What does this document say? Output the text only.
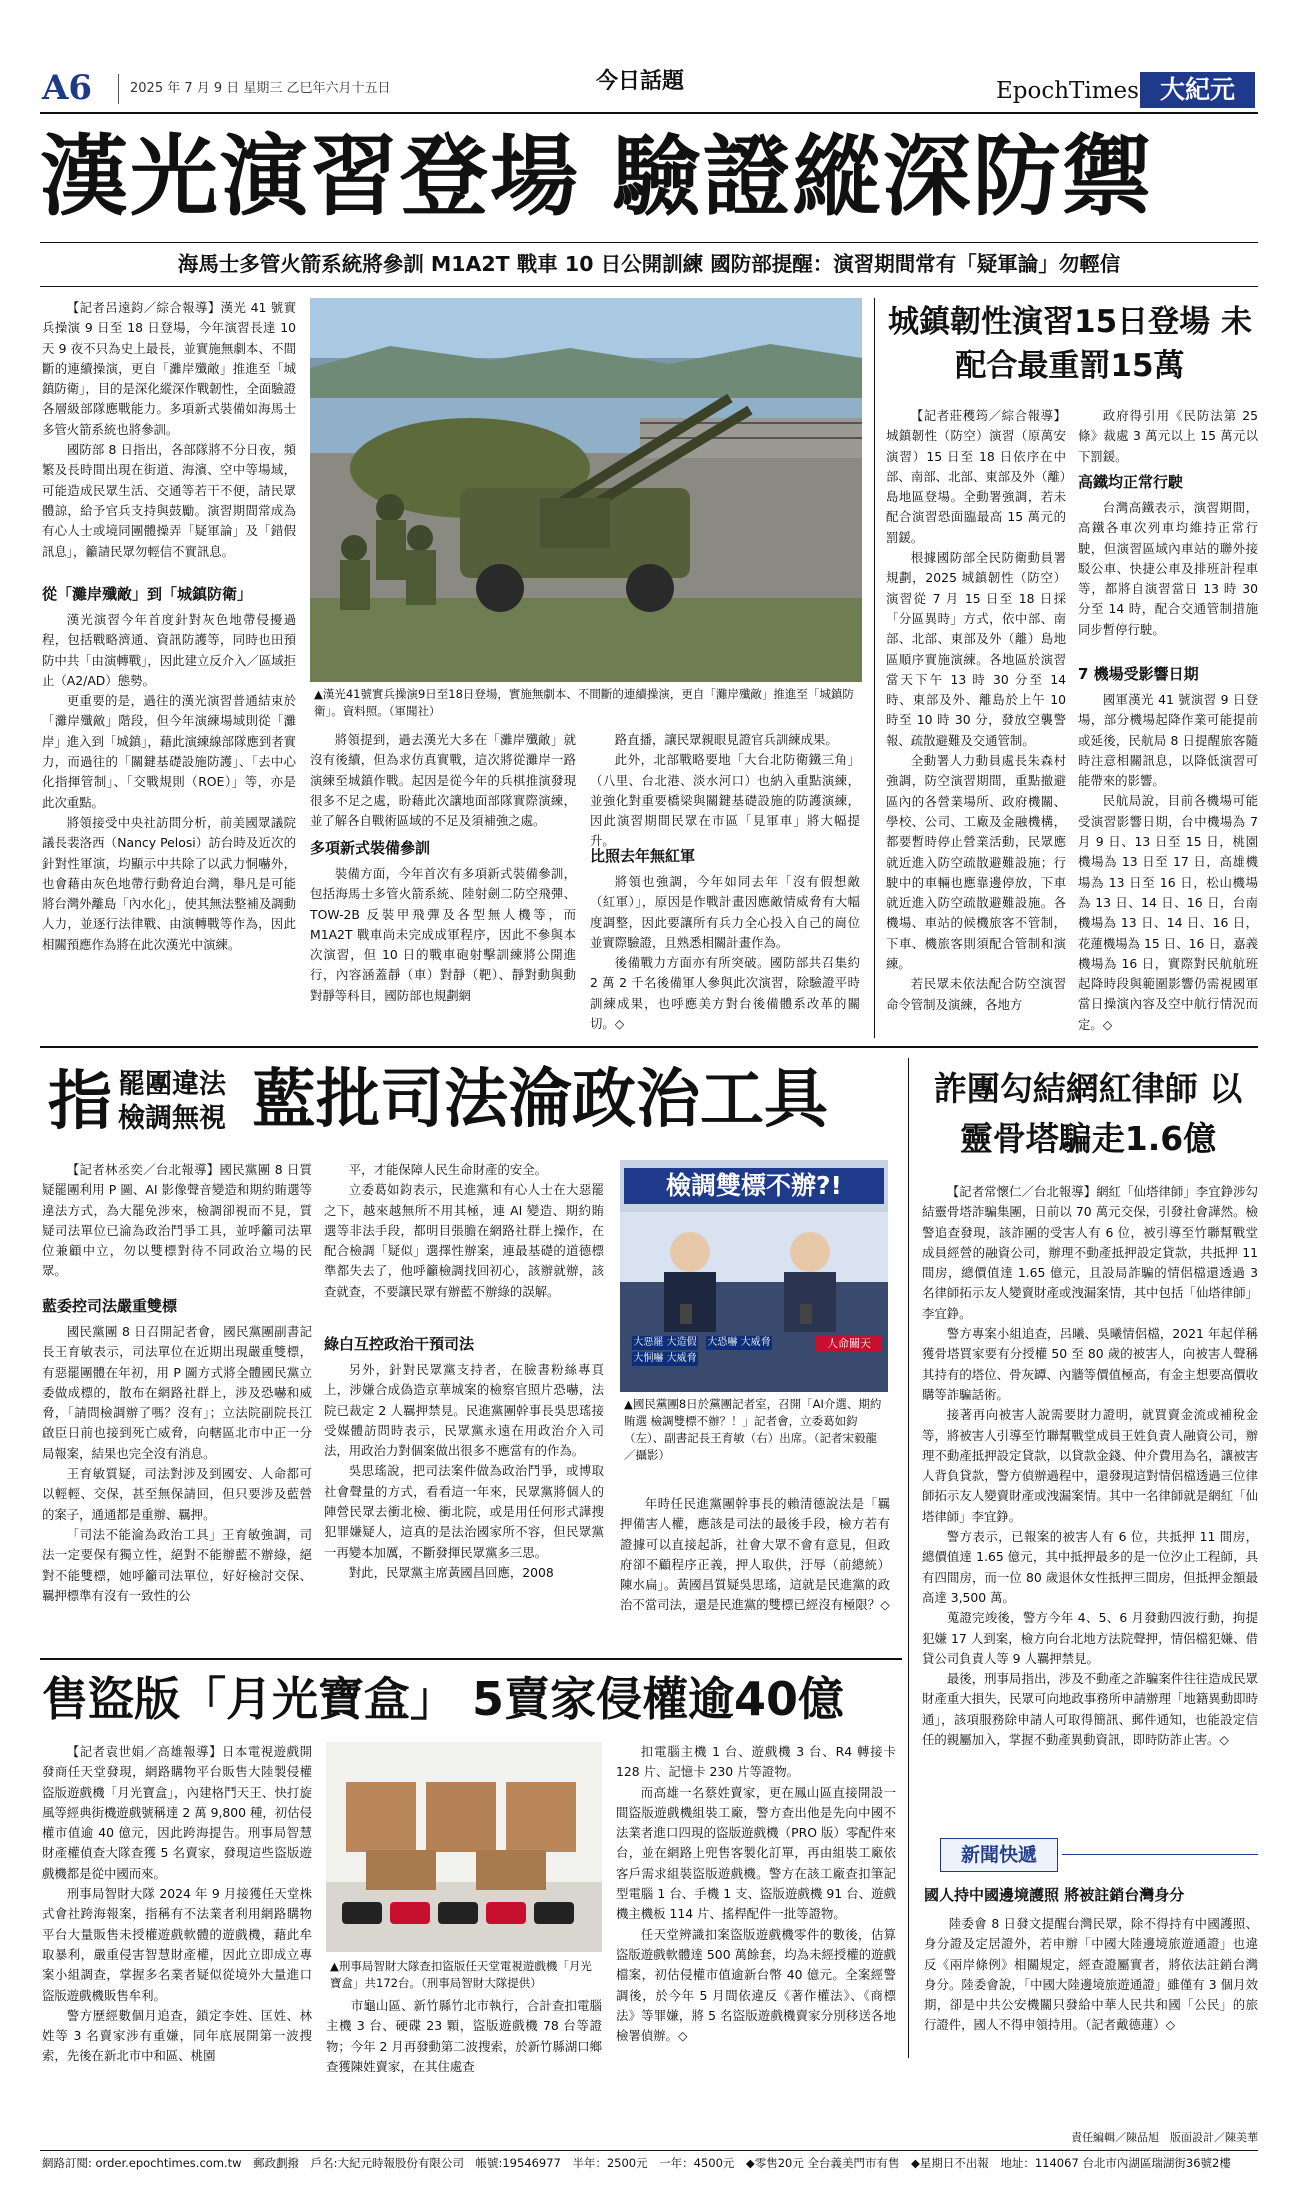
A6	2025 年 7 月 9 日 星期三 乙巳年六月十五日	今日話題	EpochTimes 大紀元
漢光演習登場 驗證縱深防禦
海馬士多管火箭系統將參訓 M1A2T 戰車 10 日公開訓練 國防部提醒：演習期間常有「疑軍論」勿輕信

【記者呂遠鈞／綜合報導】漢光 41 號實兵操演 9 日至 18 日登場，今年演習長達 10 天 9 夜不只為史上最長，並實施無劇本、不間斷的連續操演，更自「灘岸殲敵」推進至「城鎮防衛」，目的是深化縱深作戰韌性，全面驗證各層級部隊應戰能力。多項新式裝備如海馬士多管火箭系統也將參訓。

國防部 8 日指出，各部隊將不分日夜，頻繁及長時間出現在街道、海濱、空中等場域，可能造成民眾生活、交通等若干不便，請民眾體諒，給予官兵支持與鼓勵。演習期間常成為有心人士或境同團體操弄「疑軍論」及「錯假訊息」，籲請民眾勿輕信不實訊息。

從「灘岸殲敵」到「城鎮防衛」

漢光演習今年首度針對灰色地帶侵擾過程，包括戰略濟通、資訊防護等，同時也田預防中共「由演轉戰」，因此建立反介入／區域拒止（A2/AD）態勢。

更重要的是，過往的漢光演習普通結束於「灘岸殲敵」階段，但今年演練場域則從「灘岸」進入到「城鎮」，藉此演練線部隊應到者實力，而過往的「關鍵基礎設施防護」、「去中心化指揮管制」、「交戰規則（ROE）」等，亦是此次重點。

將領接受中央社訪問分析，前美國眾議院議長裴洛西（Nancy Pelosi）訪台時及近次的針對性軍演，均顯示中共除了以武力恫嚇外，也會藉由灰色地帶行動脅迫台灣，舉凡是可能將台灣外離島「內水化」，使其無法整補及調動人力，並逐行法律戰、由演轉戰等作為，因此相關預應作為將在此次漢光中演練。

▲漢光41號實兵操演9日至18日登場，實施無劇本、不間斷的連續操演，更自「灘岸殲敵」推進至「城鎮防衛」。資料照。（軍聞社）

將領提到，過去漢光大多在「灘岸殲敵」就沒有後續，但為求仿真實戰，這次將從灘岸一路演練至城鎮作戰。起因是從今年的兵棋推演發現很多不足之處，盼藉此次讓地面部隊實際演練，並了解各自戰術區域的不足及須補強之處。

多項新式裝備參訓

裝備方面，今年首次有多項新式裝備參訓，包括海馬士多管火箭系統、陸射劍二防空飛彈、TOW-2B 反裝甲飛彈及各型無人機等，而 M1A2T 戰車尚未完成成軍程序，因此不參與本次演習，但 10 日的戰車砲射擊訓練將公開進行，內容涵蓋靜（車）對靜（靶）、靜對動與動對靜等科目，國防部也規劃網

路直播，讓民眾親眼見證官兵訓練成果。

此外，北部戰略要地「大台北防衛鐵三角」（八里、台北港、淡水河口）也納入重點演練，並強化對重要橋梁與關鍵基礎設施的防護演練，因此演習期間民眾在市區「見軍車」將大幅提升。

比照去年無紅軍

將領也強調，今年如同去年「沒有假想敵（紅軍）」，原因是作戰計畫因應敵情威脅有大幅度調整，因此要讓所有兵力全心投入自己的崗位並實際驗證，且熟悉相關計畫作為。

後備戰力方面亦有所突破。國防部共召集約 2 萬 2 千名後備軍人參與此次演習，除驗證平時訓練成果，也呼應美方對台後備體系改革的關切。◇

城鎮韌性演習15日登場 未配合最重罰15萬

【記者莊穫筠／綜合報導】城鎮韌性（防空）演習（原萬安演習）15 日至 18 日依序在中部、南部、北部、東部及外（離）島地區登場。全動署強調，若未配合演習恐面臨最高 15 萬元的罰鍰。

根據國防部全民防衛動員署規劃，2025 城鎮韌性（防空）演習從 7 月 15 日至 18 日採「分區異時」方式，依中部、南部、北部、東部及外（離）島地區順序實施演練。各地區於演習當天下午 13 時 30 分至 14 時、東部及外、離島於上午 10 時至 10 時 30 分，發放空襲警報、疏散避難及交通管制。

全動署人力動員處長朱森村強調，防空演習期間，重點撤避區內的各營業場所、政府機關、學校、公司、工廠及金融機構，都要暫時停止營業活動，民眾應就近進入防空疏散避難設施；行駛中的車輛也應靠邊停放，下車就近進入防空疏散避難設施。各機場、車站的候機旅客不管制，下車、機旅客則須配合管制和演練。

若民眾未依法配合防空演習命令管制及演練，各地方

政府得引用《民防法第 25 條》裁處 3 萬元以上 15 萬元以下罰鍰。

高鐵均正常行駛

台灣高鐵表示，演習期間，高鐵各車次列車均維持正常行駛，但演習區域內車站的聯外接駁公車、快捷公車及排班計程車等，都將自演習當日 13 時 30 分至 14 時，配合交通管制措施同步暫停行駛。

7 機場受影響日期

國軍漢光 41 號演習 9 日登場，部分機場起降作業可能提前或延後，民航局 8 日提醒旅客隨時注意相關訊息，以降低演習可能帶來的影響。

民航局說，目前各機場可能受演習影響日期，台中機場為 7 月 9 日、13 日至 15 日，桃園機場為 13 日至 17 日，高雄機場為 13 日至 16 日，松山機場為 13 日、14 日、16 日，台南機場為 13 日、14 日、16 日，花蓮機場為 15 日、16 日，嘉義機場為 16 日，實際對民航航班起降時段與範圍影響仍需視國軍當日操演內容及空中航行情況而定。◇

指 罷團違法
檢調無視 藍批司法淪政治工具

【記者林丞奕／台北報導】國民黨團 8 日質疑罷團利用 P 圖、AI 影像聲音變造和期約賄選等違法方式，為大罷免涉來，檢調卻視而不見，質疑司法單位已淪為政治鬥爭工具，並呼籲司法單位兼顧中立，勿以雙標對待不同政治立場的民眾。

藍委控司法嚴重雙標

國民黨團 8 日召開記者會，國民黨團副書記長王育敏表示，司法單位在近期出現嚴重雙標，有惡罷團體在年初，用 P 圖方式將全體國民黨立委做成標的，散布在網路社群上，涉及恐嚇和威脅，「請問檢調辦了嗎？沒有」；立法院副院長江啟臣日前也接到死亡威脅，向轄區北市中正一分局報案，結果也完全沒有消息。

王育敏質疑，司法對涉及到國安、人命都可以輕輕、交保，甚至無保請回，但只要涉及藍營的案子，通通都是重辦、羈押。

「司法不能淪為政治工具」王育敏強調，司法一定要保有獨立性，絕對不能辦藍不辦綠，絕對不能雙標，她呼籲司法單位，好好檢討交保、羈押標準有沒有一致性的公

平，才能保障人民生命財產的安全。

立委葛如鈞表示，民進黨和有心人士在大惡罷之下，越來越無所不用其極，連 AI 變造、期約賄選等非法手段，都明目張膽在網路社群上操作，在配合檢調「疑似」選擇性辦案，連最基礎的道德標準都失去了，他呼籲檢調找回初心，該辦就辦，該查就查，不要讓民眾有辦藍不辦綠的誤解。

綠白互控政治干預司法

另外，針對民眾黨支持者，在臉書粉絲專頁上，涉嫌合成偽造京華城案的檢察官照片恐嚇，法院已裁定 2 人羈押禁見。民進黨團幹事長吳思瑤接受媒體訪問時表示，民眾黨永遠在用政治介入司法，用政治力對個案做出很多不應當有的作為。

吳思瑤說，把司法案件做為政治鬥爭，或博取社會聲量的方式，看看這一年來，民眾黨將個人的陣營民眾去衝北檢、衝北院，或是用任何形式譁搜犯罪嫌疑人，這真的是法治國家所不容，但民眾黨一再變本加厲，不斷發揮民眾黨多三思。

對此，民眾黨主席黃國昌回應，2008

檢調雙標不辦?!
大惡罷 大造假
大恫嚇 大威脅
大恐嚇 大威脅	人命關天
▲國民黨團8日於黨團記者室，召開「AI介選、期約賄選 檢調雙標不辦？！」記者會，立委葛如鈞（左）、副書記長王育敏（右）出席。（記者宋毅龍／攝影）

年時任民進黨團幹事長的賴清德說法是「羈押備害人權，應該是司法的最後手段，檢方若有證據可以直接起訴，社會大眾不會有意見，但政府卻不顧程序正義，押人取供，汙辱（前總統）陳水扁」。黃國昌質疑吳思瑤，這就是民進黨的政治不當司法，還是民進黨的雙標已經沒有極限？◇

詐團勾結網紅律師 以靈骨塔騙走1.6億

【記者常懷仁／台北報導】網紅「仙塔律師」李宜錚涉勾結靈骨塔詐騙集團，日前以 70 萬元交保，引發社會譁然。檢警追查發現，該詐團的受害人有 6 位，被引導至竹聯幫戰堂成員經營的融資公司，辦理不動產抵押設定貸款，共抵押 11 間房，總價值達 1.65 億元，且設局詐騙的情侶檔還透過 3 名律師拓示友人變賣財產或洩漏案情，其中包括「仙塔律師」李宜錚。

警方專案小組追查，呂曦、吳曦情侶檔，2021 年起佯稱獲骨塔買家要有分授權 50 至 80 歲的被害人，向被害人聲稱其持有的塔位、骨灰罈、內牆等價值極高，有金主想要高價收購等詐騙話術。

接著再向被害人說需要財力證明，就買賣金流或補稅金等，將被害人引導至竹聯幫戰堂成員王姓負責人融資公司，辦理不動產抵押設定貸款，以貸款金錢、仲介費用為名，讓被害人背負貸款，警方偵辦過程中，還發現這對情侶檔透過三位律師拓示友人變賣財產或洩漏案情。其中一名律師就是網紅「仙塔律師」李宜錚。

警方表示，已報案的被害人有 6 位，共抵押 11 間房，總價值達 1.65 億元，其中抵押最多的是一位汐止工程師，具有四間房，而一位 80 歲退休女性抵押三間房，但抵押金額最高達 3,500 萬。

蒐證完竣後，警方今年 4、5、6 月發動四波行動，拘提犯嫌 17 人到案，檢方向台北地方法院聲押，情侶檔犯嫌、借貸公司負責人等 9 人羈押禁見。

最後，刑事局指出，涉及不動產之詐騙案件往往造成民眾財產重大損失，民眾可向地政事務所申請辦理「地籍異動即時通」，該項服務除申請人可取得簡訊、郵件通知，也能設定信任的親屬加入，掌握不動產異動資訊，即時防詐止害。◇

新聞快遞
國人持中國邊境護照 將被註銷台灣身分

陸委會 8 日發文提醒台灣民眾，除不得持有中國護照、身分證及定居證外，若申辦「中國大陸邊境旅遊通證」也違反《兩岸條例》相關規定，經查證屬實者，將依法註銷台灣身分。陸委會說，「中國大陸邊境旅遊通證」雖僅有 3 個月效期，卻是中共公安機關只發給中華人民共和國「公民」的旅行證件，國人不得申領持用。（記者戴德蓮）◇

售盜版「月光寶盒」 5賣家侵權逾40億

【記者袁世娟／高雄報導】日本電視遊戲開發商任天堂發現，網路購物平台販售大陸製侵權盜版遊戲機「月光寶盒」，內建格鬥天王、快打旋風等經典街機遊戲號稱達 2 萬 9,800 種，初估侵權市值逾 40 億元，因此跨海提告。刑事局智慧財產權偵查大隊查獲 5 名賣家，發現這些盜版遊戲機都是從中國而來。

刑事局智財大隊 2024 年 9 月接獲任天堂株式會社跨海報案，指稱有不法業者利用網路購物平台大量販售未授權遊戲軟體的遊戲機，藉此牟取暴利，嚴重侵害智慧財產權，因此立即成立專案小組調查，掌握多名業者疑似從境外大量進口盜版遊戲機販售牟利。

警方歷經數個月追查，鎖定李姓、匡姓、林姓等 3 名賣家涉有重嫌，同年底展開第一波搜索，先後在新北市中和區、桃園

▲刑事局智財大隊查扣盜版任天堂電視遊戲機「月光寶盒」共172台。（刑事局智財大隊提供）

市龜山區、新竹縣竹北市執行，合計查扣電腦主機 3 台、硬碟 23 顆，盜版遊戲機 78 台等證物；今年 2 月再發動第二波搜索，於新竹縣湖口鄉查獲陳姓賣家，在其住處查

扣電腦主機 1 台、遊戲機 3 台、R4 轉接卡 128 片、記憶卡 230 片等證物。

而高雄一名蔡姓賣家，更在鳳山區直接開設一間盜版遊戲機組裝工廠，警方查出他是先向中國不法業者進口四現的盜版遊戲機（PRO 版）零配件來台，並在網路上兜售客製化訂單，再由組裝工廠依客戶需求組裝盜版遊戲機。警方在該工廠查扣筆記型電腦 1 台、手機 1 支、盜版遊戲機 91 台、遊戲機主機板 114 片、搖桿配件一批等證物。

任天堂辨識扣案盜版遊戲機零件的數後，估算盜版遊戲軟體達 500 萬餘套，均為未經授權的遊戲檔案，初估侵權市值逾新台幣 40 億元。全案經警調後，於今年 5 月間依違反《著作權法》、《商標法》等罪嫌，將 5 名盜版遊戲機賣家分別移送各地檢署偵辦。◇

責任編輯／陳品旭　版面設計／陳美華
網路訂閱: order.epochtimes.com.tw　郵政劃撥　戶名:大紀元時報股份有限公司　帳號:19546977　半年：2500元　一年：4500元　◆零售20元 全台義美門市有售　◆星期日不出報　地址：114067 台北市內湖區瑞湖街36號2樓
